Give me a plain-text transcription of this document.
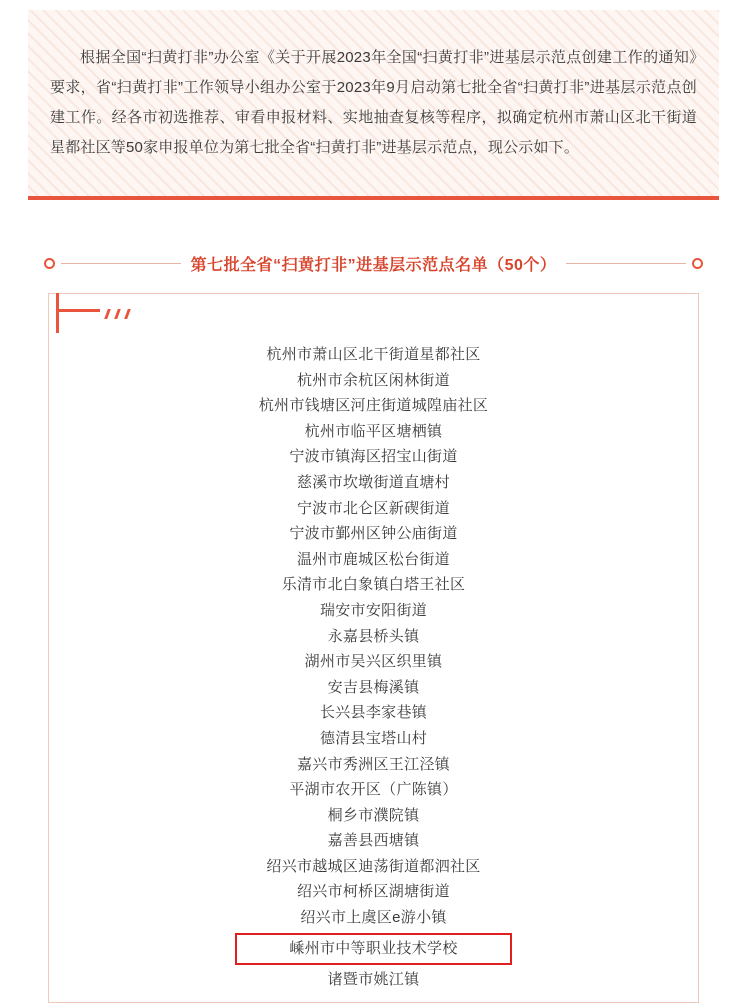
根据全国“扫黄打非”办公室《关于开展2023年全国“扫黄打非”进基层示范点创建工作的通知》要求，省“扫黄打非”工作领导小组办公室于2023年9月启动第七批全省“扫黄打非”进基层示范点创建工作。经各市初选推荐、审看申报材料、实地抽查复核等程序，拟确定杭州市萧山区北干街道星都社区等50家申报单位为第七批全省“扫黄打非”进基层示范点，现公示如下。

第七批全省“扫黄打非”进基层示范点名单（50个）
杭州市萧山区北干街道星都社区
杭州市余杭区闲林街道
杭州市钱塘区河庄街道城隍庙社区
杭州市临平区塘栖镇
宁波市镇海区招宝山街道
慈溪市坎墩街道直塘村
宁波市北仑区新碶街道
宁波市鄞州区钟公庙街道
温州市鹿城区松台街道
乐清市北白象镇白塔王社区
瑞安市安阳街道
永嘉县桥头镇
湖州市吴兴区织里镇
安吉县梅溪镇
长兴县李家巷镇
德清县宝塔山村
嘉兴市秀洲区王江泾镇
平湖市农开区（广陈镇）
桐乡市濮院镇
嘉善县西塘镇
绍兴市越城区迪荡街道都泗社区
绍兴市柯桥区湖塘街道
绍兴市上虞区e游小镇
嵊州市中等职业技术学校
诸暨市姚江镇
